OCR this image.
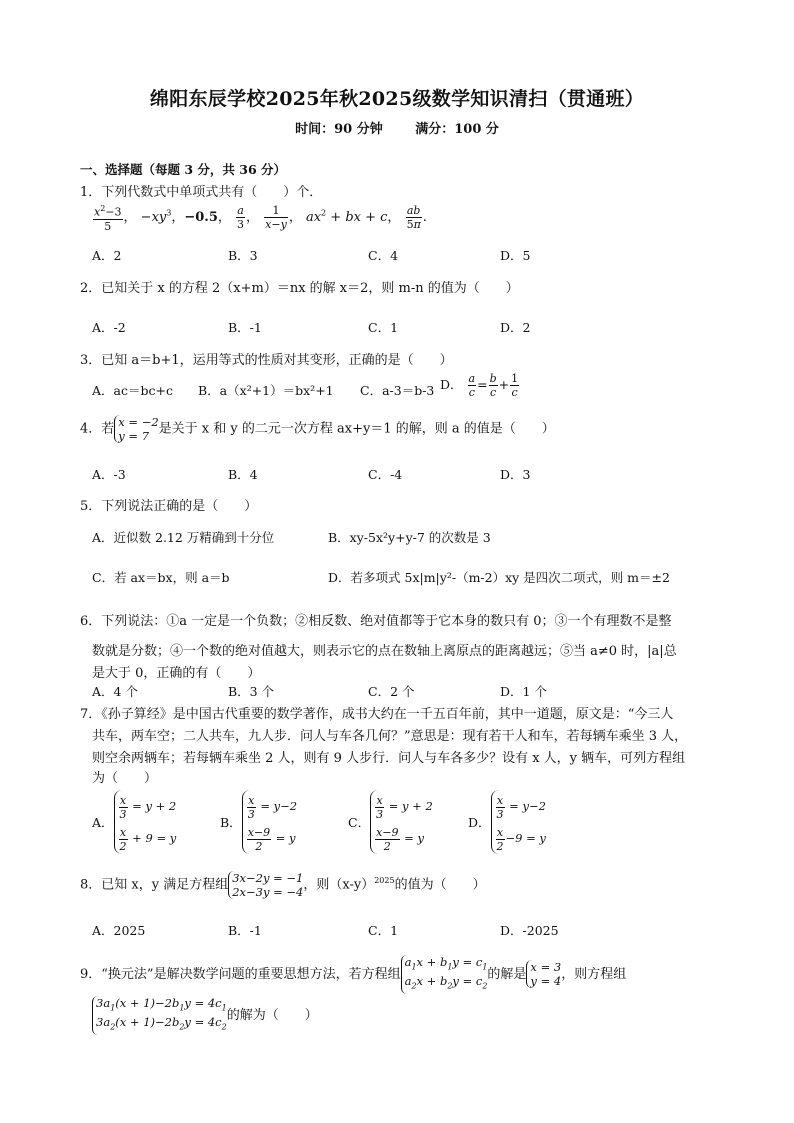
绵阳东辰学校2025年秋2025级数学知识清扫（贯通班）
时间：90 分钟	满分：100 分
一、选择题（每题 3 分，共 36 分）
1．下列代数式中单项式共有（　　）个．
$\frac{x^2-3}{5}$ ， $-xy^3$，−0.5， $\frac{a}{3}$ ， $\frac{1}{x-y}$ ， $ax^2$ + bx + c， $\frac{ab}{5\pi}$ .
A．2	B．3	C．4	D．5
2．已知关于 x 的方程 2（x+m）＝nx 的解 x＝2，则 m-n 的值为（　　）
A．-2	B．-1	C．1	D．2
3．已知 a＝b+1，运用等式的性质对其变形，正确的是（　　）
A．ac＝bc+c B．a（x²+1）＝bx²+1 C．a-3＝b-3 D． $\frac{a}{c} = \frac{b}{c} + \frac{1}{c}$
4．若 x = −2
y = 7 是关于 x 和 y 的二元一次方程 ax+y＝1 的解，则 a 的值是（　　）
A．-3	B．4	C．-4	D．3
5．下列说法正确的是（　　）
A．近似数 2.12 万精确到十分位	B．xy-5x²y+y-7 的次数是 3
C．若 ax＝bx，则 a＝b	D．若多项式 5x|m|y²-（m-2）xy 是四次二项式，则 m＝±2
6．下列说法：①a 一定是一个负数；②相反数、绝对值都等于它本身的数只有 0；③一个有理数不是整
数就是分数；④一个数的绝对值越大，则表示它的点在数轴上离原点的距离越远；⑤当 a≠0 时，|a|总
是大于 0，正确的有（　　）
A．4 个	B．3 个	C．2 个	D．1 个
7．《孙子算经》是中国古代重要的数学著作，成书大约在一千五百年前，其中一道题，原文是：“今三人
共车，两车空；二人共车，九人步．问人与车各几何？”意思是：现有若干人和车，若每辆车乘坐 3 人，
则空余两辆车；若每辆车乘坐 2 人，则有 9 人步行．问人与车各多少？设有 x 人，y 辆车，可列方程组
为（　　）
A．
$\frac{x}{3} = y + 2$
$\frac{x}{2} + 9 = y$
B．
$\frac{x}{3} = y-2$
$\frac{x-9}{2} = y$
C．
$\frac{x}{3} = y + 2$
$\frac{x-9}{2} = y$
D．
$\frac{x}{3} = y-2$
$\frac{x}{2} -9 = y$
8．已知 x，y 满足方程组 3x−2y = −1
2x−3y = −4 ，则$(x-y)^{2025}$的值为（　　）
A．2025	B．-1	C．1	D．-2025
9．“换元法”是解决数学问题的重要思想方法，若方程组
$a_1x + b_1y = c_1$
$a_2x + b_2y = c_2$
的解是 x = 3
y = 4 ，则方程组
$3a_1(x + 1)-2b_1y = 4c_1$
$3a_2(x + 1)-2b_2y = 4c_2$
的解为（　　）
